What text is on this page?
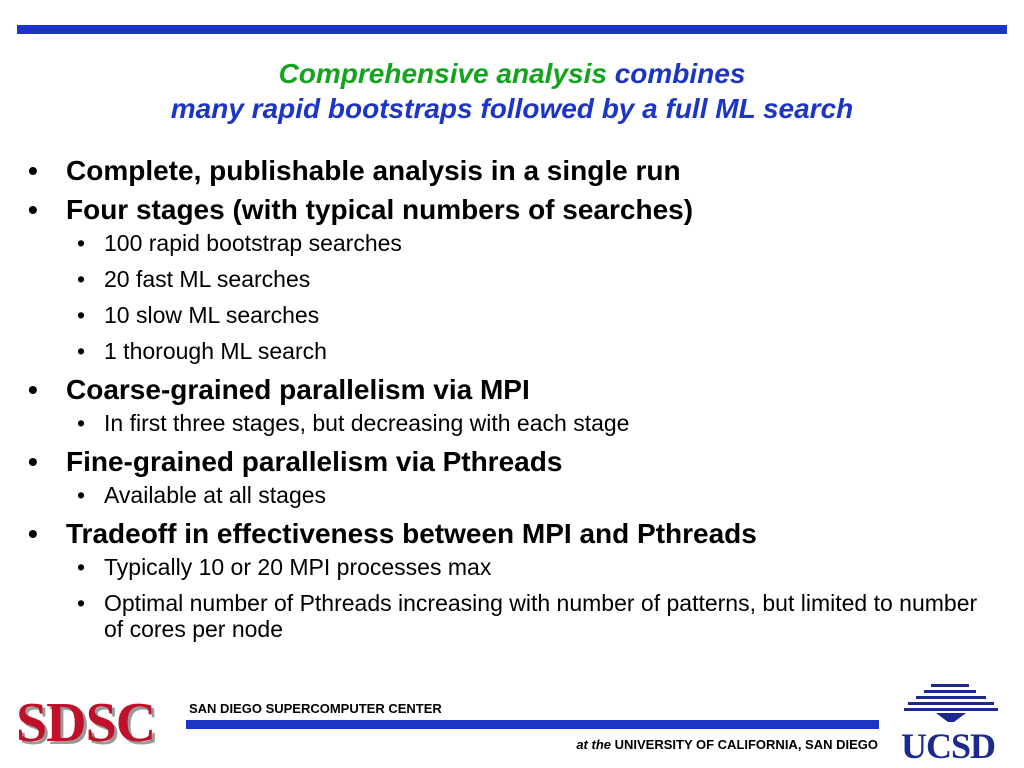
Comprehensive analysis combines
many rapid bootstraps followed by a full ML search
• Complete, publishable analysis in a single run
• Four stages (with typical numbers of searches)
• 100 rapid bootstrap searches
• 20 fast ML searches
• 10 slow ML searches
• 1 thorough ML search
• Coarse-grained parallelism via MPI
• In first three stages, but decreasing with each stage
• Fine-grained parallelism via Pthreads
• Available at all stages
• Tradeoff in effectiveness between MPI and Pthreads
• Typically 10 or 20 MPI processes max
• Optimal number of Pthreads increasing with number of patterns, but limited to number of cores per node
SDSC	SAN DIEGO SUPERCOMPUTER CENTER
at the UNIVERSITY OF CALIFORNIA, SAN DIEGO UCSD
